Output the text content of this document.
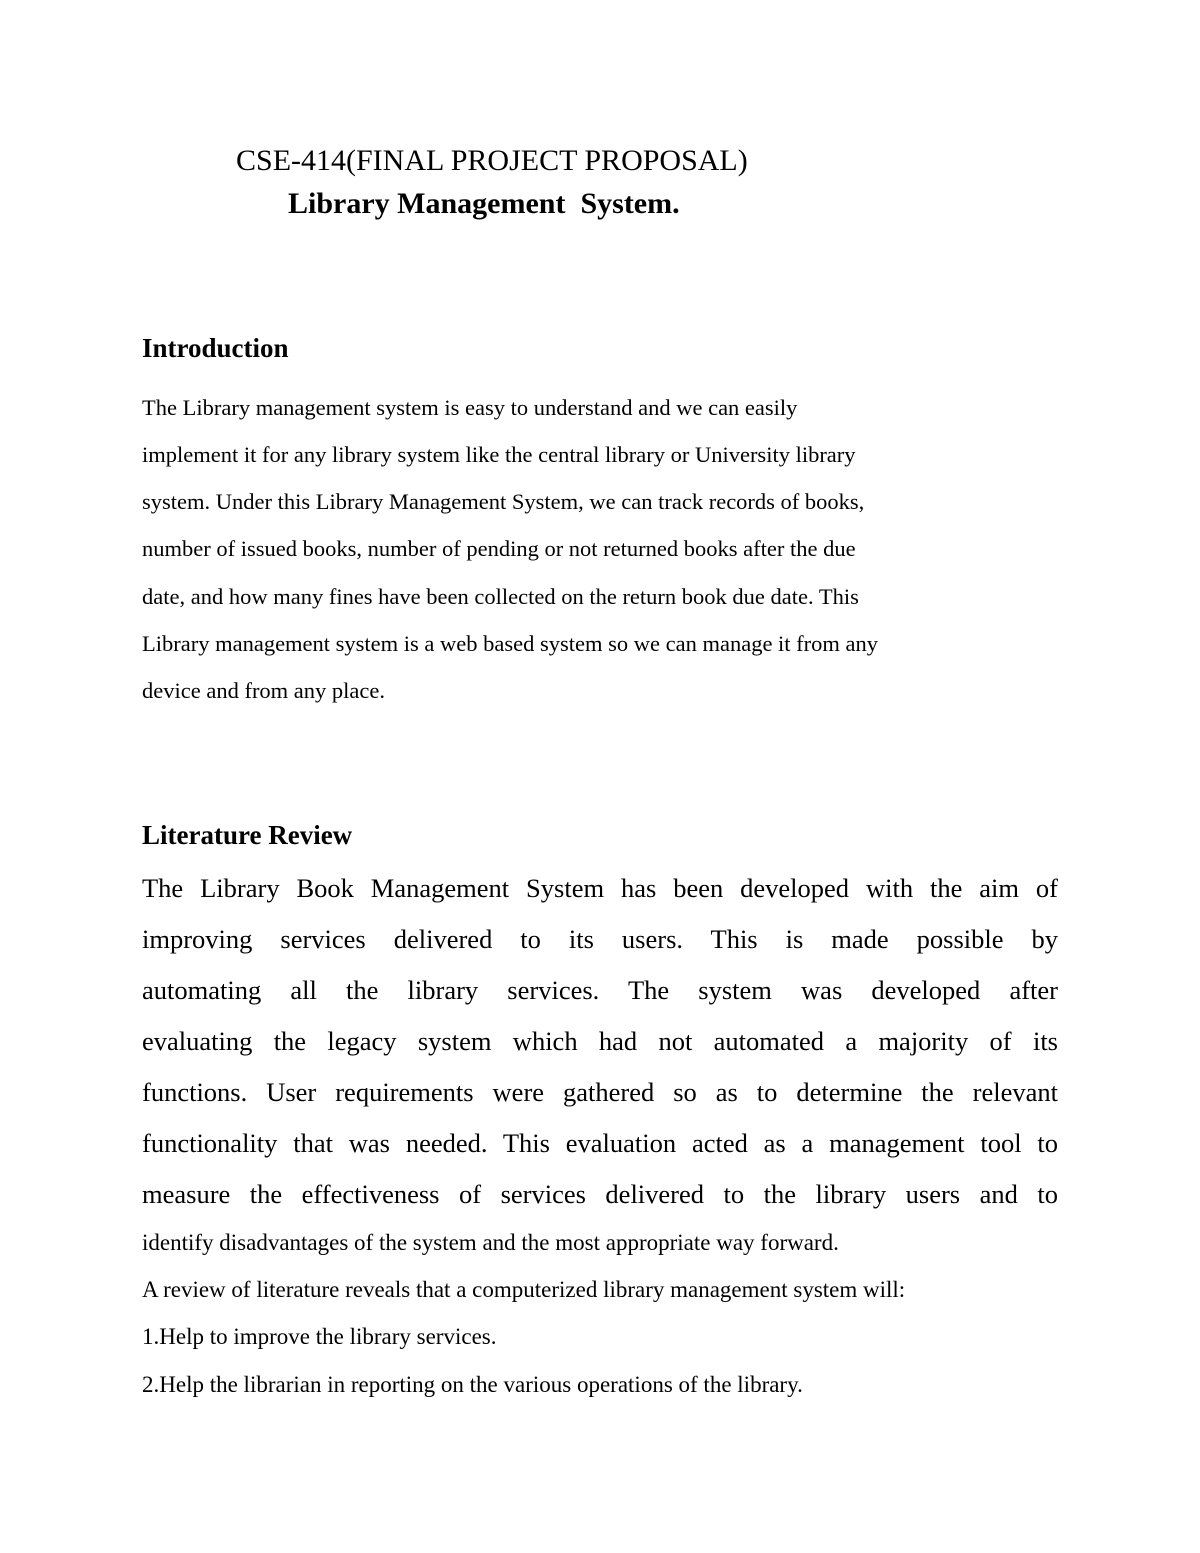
CSE-414(FINAL PROJECT PROPOSAL)
Library Management  System.
Introduction
The Library management system is easy to understand and we can easily
implement it for any library system like the central library or University library
system. Under this Library Management System, we can track records of books,
number of issued books, number of pending or not returned books after the due
date, and how many fines have been collected on the return book due date. This
Library management system is a web based system so we can manage it from any
device and from any place.
Literature Review
The Library Book Management System has been developed with the aim of
improving services delivered to its users. This is made possible by
automating all the library services. The system was developed after
evaluating the legacy system which had not automated a majority of its
functions. User requirements were gathered so as to determine the relevant
functionality that was needed. This evaluation acted as a management tool to
measure the effectiveness of services delivered to the library users and to
identify disadvantages of the system and the most appropriate way forward.
A review of literature reveals that a computerized library management system will:
1.Help to improve the library services.
2.Help the librarian in reporting on the various operations of the library.
